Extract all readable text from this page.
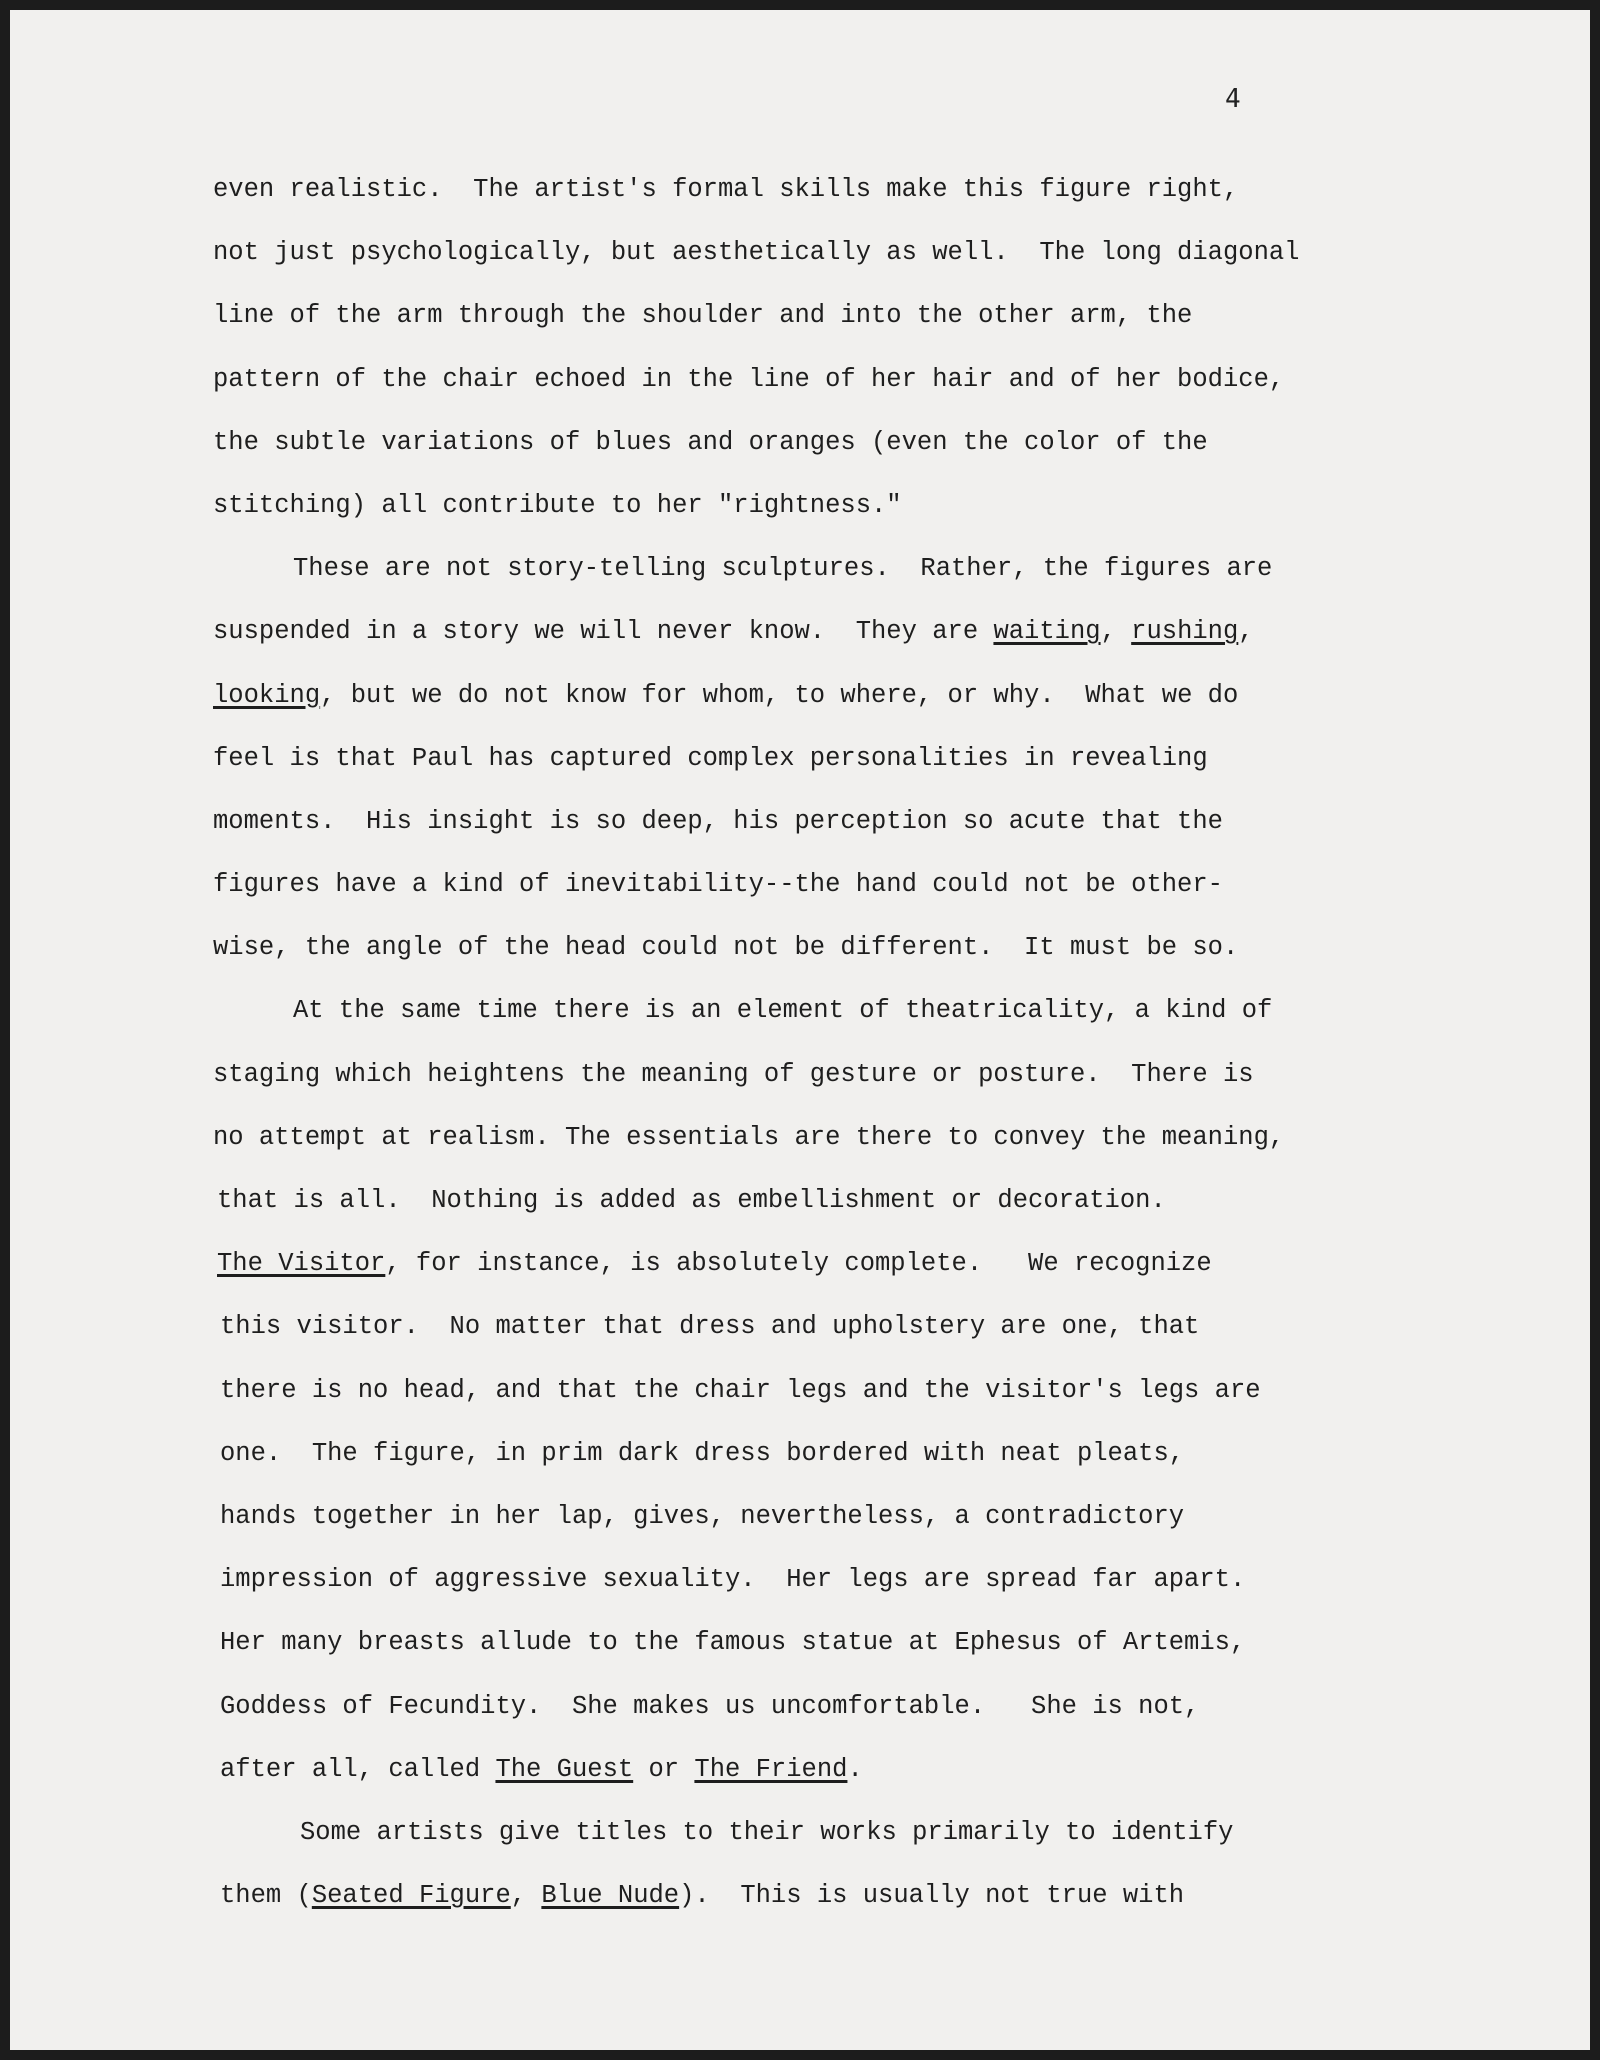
4
even realistic.  The artist's formal skills make this figure right,
not just psychologically, but aesthetically as well.  The long diagonal
line of the arm through the shoulder and into the other arm, the
pattern of the chair echoed in the line of her hair and of her bodice,
the subtle variations of blues and oranges (even the color of the
stitching) all contribute to her "rightness."
These are not story-telling sculptures.  Rather, the figures are
suspended in a story we will never know.  They are waiting, rushing,
looking, but we do not know for whom, to where, or why.  What we do
feel is that Paul has captured complex personalities in revealing
moments.  His insight is so deep, his perception so acute that the
figures have a kind of inevitability--the hand could not be other-
wise, the angle of the head could not be different.  It must be so.
At the same time there is an element of theatricality, a kind of
staging which heightens the meaning of gesture or posture.  There is
no attempt at realism. The essentials are there to convey the meaning,
that is all.  Nothing is added as embellishment or decoration.
The Visitor, for instance, is absolutely complete.   We recognize
this visitor.  No matter that dress and upholstery are one, that
there is no head, and that the chair legs and the visitor's legs are
one.  The figure, in prim dark dress bordered with neat pleats,
hands together in her lap, gives, nevertheless, a contradictory
impression of aggressive sexuality.  Her legs are spread far apart.
Her many breasts allude to the famous statue at Ephesus of Artemis,
Goddess of Fecundity.  She makes us uncomfortable.   She is not,
after all, called The Guest or The Friend.
Some artists give titles to their works primarily to identify
them (Seated Figure, Blue Nude).  This is usually not true with
